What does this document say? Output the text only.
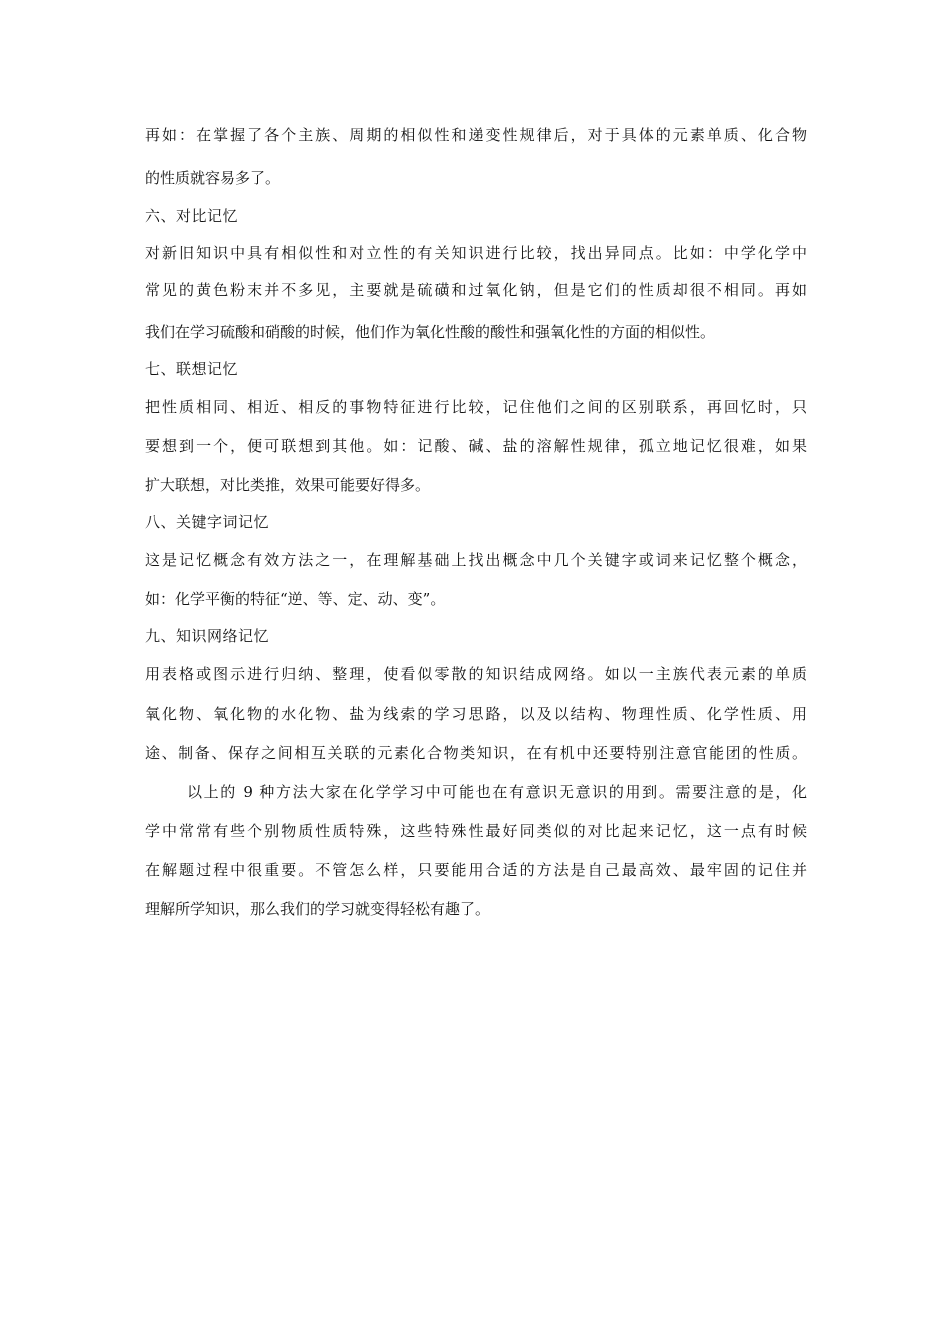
再如：在掌握了各个主族、周期的相似性和递变性规律后，对于具体的元素单质、化合物
的性质就容易多了。
六、对比记忆
对新旧知识中具有相似性和对立性的有关知识进行比较，找出异同点。比如：中学化学中
常见的黄色粉末并不多见，主要就是硫磺和过氧化钠，但是它们的性质却很不相同。再如
我们在学习硫酸和硝酸的时候，他们作为氧化性酸的酸性和强氧化性的方面的相似性。
七、联想记忆
把性质相同、相近、相反的事物特征进行比较，记住他们之间的区别联系，再回忆时，只
要想到一个，便可联想到其他。如：记酸、碱、盐的溶解性规律，孤立地记忆很难，如果
扩大联想，对比类推，效果可能要好得多。
八、关键字词记忆
这是记忆概念有效方法之一，在理解基础上找出概念中几个关键字或词来记忆整个概念，
如：化学平衡的特征“逆、等、定、动、变”。
九、知识网络记忆
用表格或图示进行归纳、整理，使看似零散的知识结成网络。如以一主族代表元素的单质
氧化物、氧化物的水化物、盐为线索的学习思路，以及以结构、物理性质、化学性质、用
途、制备、保存之间相互关联的元素化合物类知识，在有机中还要特别注意官能团的性质。
以上的 9 种方法大家在化学学习中可能也在有意识无意识的用到。需要注意的是，化
学中常常有些个别物质性质特殊，这些特殊性最好同类似的对比起来记忆，这一点有时候
在解题过程中很重要。不管怎么样，只要能用合适的方法是自己最高效、最牢固的记住并
理解所学知识，那么我们的学习就变得轻松有趣了。
